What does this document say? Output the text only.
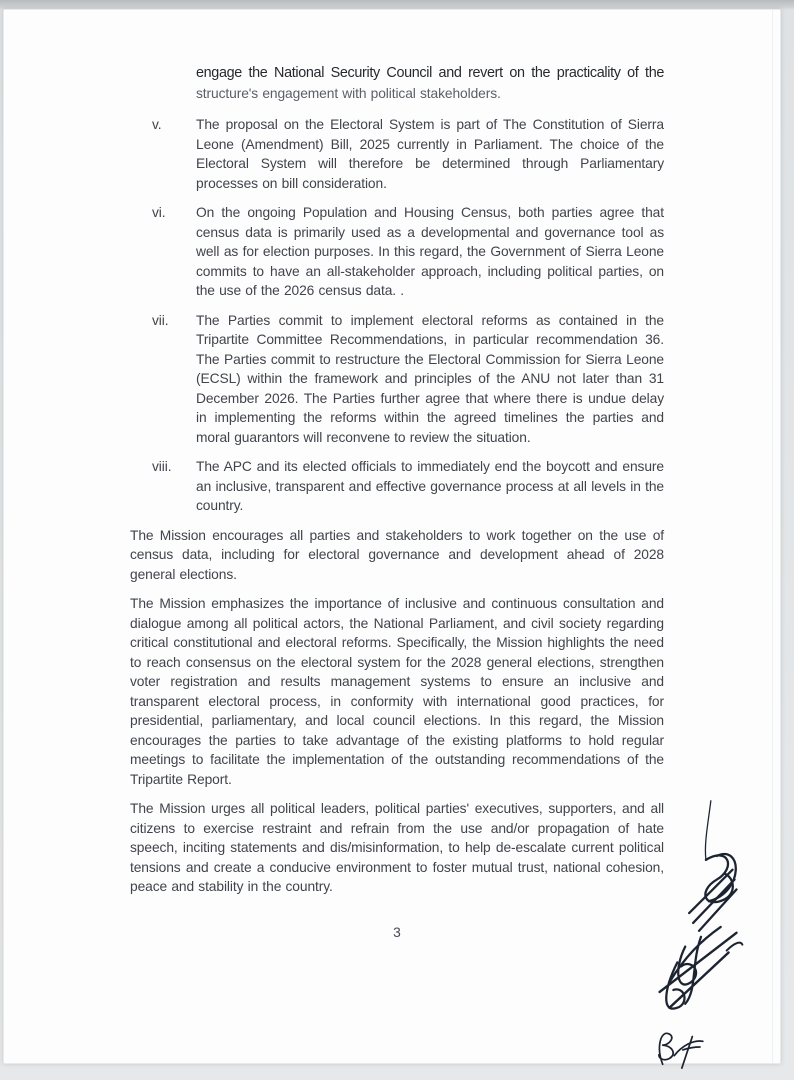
engage the National Security Council and revert on the practicality of the
structure's engagement with political stakeholders.
v.	The proposal on the Electoral System is part of The Constitution of Sierra Leone (Amendment) Bill, 2025 currently in Parliament. The choice of the Electoral System will therefore be determined through Parliamentary processes on bill consideration.
vi.	On the ongoing Population and Housing Census, both parties agree that census data is primarily used as a developmental and governance tool as well as for election purposes. In this regard, the Government of Sierra Leone commits to have an all-stakeholder approach, including political parties, on the use of the 2026 census data. .
vii.	The Parties commit to implement electoral reforms as contained in the Tripartite Committee Recommendations, in particular recommendation 36. The Parties commit to restructure the Electoral Commission for Sierra Leone (ECSL) within the framework and principles of the ANU not later than 31 December 2026. The Parties further agree that where there is undue delay in implementing the reforms within the agreed timelines the parties and moral guarantors will reconvene to review the situation.
viii.	The APC and its elected officials to immediately end the boycott and ensure an inclusive, transparent and effective governance process at all levels in the country.
The Mission encourages all parties and stakeholders to work together on the use of census data, including for electoral governance and development ahead of 2028 general elections.
The Mission emphasizes the importance of inclusive and continuous consultation and dialogue among all political actors, the National Parliament, and civil society regarding critical constitutional and electoral reforms. Specifically, the Mission highlights the need to reach consensus on the electoral system for the 2028 general elections, strengthen voter registration and results management systems to ensure an inclusive and transparent electoral process, in conformity with international good practices, for presidential, parliamentary, and local council elections. In this regard, the Mission encourages the parties to take advantage of the existing platforms to hold regular meetings to facilitate the implementation of the outstanding recommendations of the Tripartite Report.
The Mission urges all political leaders, political parties' executives, supporters, and all citizens to exercise restraint and refrain from the use and/or propagation of hate speech, inciting statements and dis/misinformation, to help de-escalate current political tensions and create a conducive environment to foster mutual trust, national cohesion, peace and stability in the country.
3
